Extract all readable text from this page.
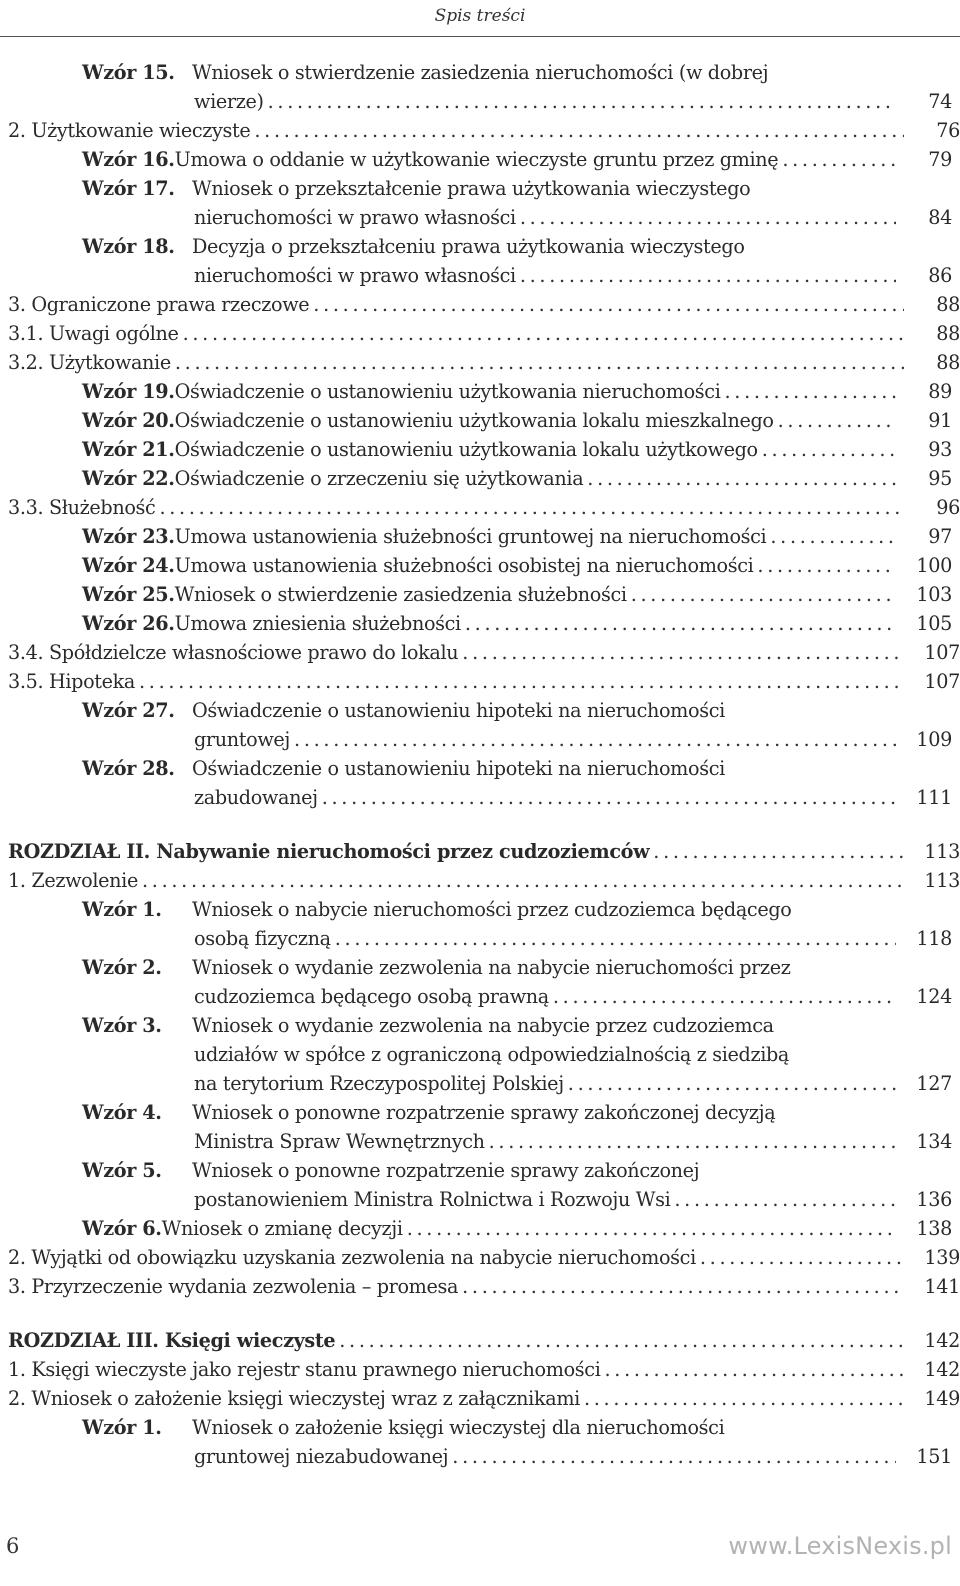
Spis treści
Wzór 15. Wniosek o stwierdzenie zasiedzenia nieruchomości (w dobrej
wierze) . . .	74
2. Użytkowanie wieczyste . . .	76
Wzór 16. Umowa o oddanie w użytkowanie wieczyste gruntu przez gminę . . .	79
Wzór 17. Wniosek o przekształcenie prawa użytkowania wieczystego
nieruchomości w prawo własności . . .	84
Wzór 18. Decyzja o przekształceniu prawa użytkowania wieczystego
nieruchomości w prawo własności . . .	86
3. Ograniczone prawa rzeczowe . . .	88
3.1. Uwagi ogólne . . .	88
3.2. Użytkowanie . . .	88
Wzór 19. Oświadczenie o ustanowieniu użytkowania nieruchomości . . .	89
Wzór 20. Oświadczenie o ustanowieniu użytkowania lokalu mieszkalnego . . .	91
Wzór 21. Oświadczenie o ustanowieniu użytkowania lokalu użytkowego . . .	93
Wzór 22. Oświadczenie o zrzeczeniu się użytkowania . . .	95
3.3. Służebność . . .	96
Wzór 23. Umowa ustanowienia służebności gruntowej na nieruchomości . . .	97
Wzór 24. Umowa ustanowienia służebności osobistej na nieruchomości . . .	100
Wzór 25. Wniosek o stwierdzenie zasiedzenia służebności . . .	103
Wzór 26. Umowa zniesienia służebności . . .	105
3.4. Spółdzielcze własnościowe prawo do lokalu . . .	107
3.5. Hipoteka . . .	107
Wzór 27. Oświadczenie o ustanowieniu hipoteki na nieruchomości
gruntowej . . .	109
Wzór 28. Oświadczenie o ustanowieniu hipoteki na nieruchomości
zabudowanej . . .	111
ROZDZIAŁ II. Nabywanie nieruchomości przez cudzoziemców . . .	113
1. Zezwolenie . . .	113
Wzór 1. Wniosek o nabycie nieruchomości przez cudzoziemca będącego
osobą fizyczną . . .	118
Wzór 2. Wniosek o wydanie zezwolenia na nabycie nieruchomości przez
cudzoziemca będącego osobą prawną . . .	124
Wzór 3. Wniosek o wydanie zezwolenia na nabycie przez cudzoziemca
udziałów w spółce z ograniczoną odpowiedzialnością z siedzibą
na terytorium Rzeczypospolitej Polskiej . . .	127
Wzór 4. Wniosek o ponowne rozpatrzenie sprawy zakończonej decyzją
Ministra Spraw Wewnętrznych . . .	134
Wzór 5. Wniosek o ponowne rozpatrzenie sprawy zakończonej
postanowieniem Ministra Rolnictwa i Rozwoju Wsi . . .	136
Wzór 6. Wniosek o zmianę decyzji . . .	138
2. Wyjątki od obowiązku uzyskania zezwolenia na nabycie nieruchomości . . .	139
3. Przyrzeczenie wydania zezwolenia – promesa . . .	141
ROZDZIAŁ III. Księgi wieczyste . . .	142
1. Księgi wieczyste jako rejestr stanu prawnego nieruchomości . . .	142
2. Wniosek o założenie księgi wieczystej wraz z załącznikami . . .	149
Wzór 1. Wniosek o założenie księgi wieczystej dla nieruchomości
gruntowej niezabudowanej . . .	151
6	www.LexisNexis.pl
